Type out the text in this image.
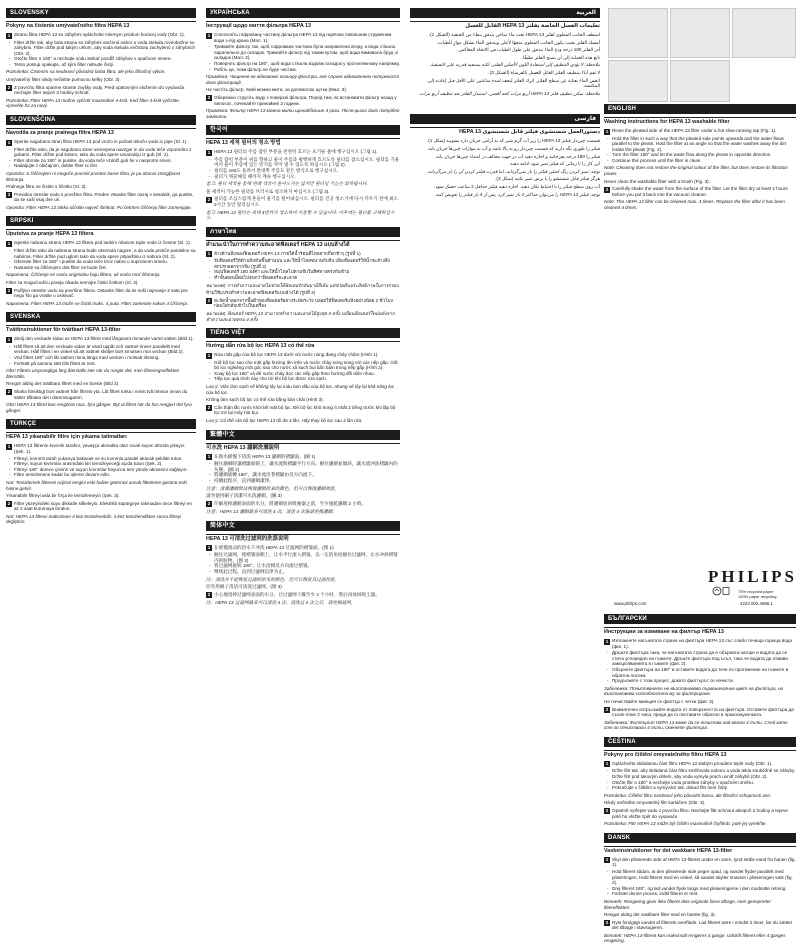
SLOVENSKY
Pokyny na čistenie umývateľného filtra HEPA 13
1 Stranu filtra HEPA 13 so záhybmi opláchnite miernym prúdom horúcej vody (Obr. 1).
- Filter držte tak, aby bola strana so záhybmi otočená nahor a voda stekala rovnobežne so záhybmi. Filter držte pod takým uhlom, aby voda stekala nečistotu zachytenú v záhyboch (Obr. 2).
- Otočte filter o 180° a nechajte vodu stekať pozdĺž záhybov v opačnom smere.
- Tento postup opakujte, až kým filter nebude čistý.
Poznámka: Čistením sa neobnoví pôvodná farba filtra, ale jeho filtračný výkon.
Umývateľný filter nikdy nečistite pomocou kefky (Obr. 3).
2 Z povrchu filtra opatrne straste zvyšky vody. Pred opätovným vložením do vysávača nechajte filter aspoň 2 hodiny schnúť.
Poznámka: Filter HEPA 13 možno vyčistiť maximálne 4-krát. Keď filter 4-krát vyčistite, vymeňte ho za nový.
SLOVENŠČINA
Navodila za pranje pralnega filtra HEPA 13
1 Sperite nagubano stran filtra HEPA 13 pod vročo in počasi tekočo vodo iz pipe (Sl. 1).
- Filter držite tako, da je nagubana stran usmerjena navzgor in da voda teče vzporedno z gubami. Filter držite pod kotom, tako da voda spere umazanijo iz gub (Sl. 2).
- Filter obrnite za 180° in pustite, da voda teče vzdolž gub še v nasprotni smeri.
- Nadaljujte z običajnim, dokler filter ni čist.
Opomba: S čiščenjem ni mogoče povrniti prvotne barve filtra, je pa obnovi zmogljivost filtriranja.
Pralnega filtra ne čistite s ščetko (Sl. 3).
2 Previdno otresite vodo s površine filtra. Preden vstavite filter nazaj v sesalnik, ga pustite, da se suši vsaj dve uri.
Opomba: Filter HEPA 13 lahko očistite največ štirikrat. Po četrtem čiščenju filter zamenjajte.
SRPSKI
Uputstva za pranje HEPA 13 filtera
1 Isperite nabranu stranu HEPA 13 filtera pod tankim mlazom tople vode iz česme (Sl. 1).
- Filter držite tako da nabrana strana bude okrenuta nagore, a da voda protiče paralelno sa nabrima. Filter držite pod uglom tako da voda spere prljavštinu iz nabora (Sl. 2).
- Okrenite filter za 180° i pustite da voda teče kroz nabre u suprotnom smeru.
- Nastavite sa čišćenjem dok filter ne bude čist.
Napomena: Čišćenje ne vraća originalnu boju filtera, ali vraća moć filtriranja.
Filter za mogućnošću pranja nikada nemojte čistiti četkom (Sl. 3).
2 Pažljivo otresite vodu sa površine filtera. Ostavite filter da se suši najmanje 2 sata pre nego što ga vratite u usisivač.
Napomena: Filter HEPA 13 može se čistiti maks. 4 puta. Filter zamenite nakon 4 čišćenja.
SVENSKA
Tvättinstruktioner för tvättbart HEPA 13-filter
1 Skölj den veckade sidan av HEPA 13-filtret med långsamt rinnande varmt vatten (Bild 1).
- Håll filtret så att den veckade sidan är vänd uppåt och vattnet rinner parallellt med veckan. Håll filtret i en vinkel så att vattnet sköljer bort smutsen mot veckan (Bild 2).
- Vrid filtret 180° och låt vattnet rinna längs med vecken i motsatt riktning.
- Fortsätt på samma sätt tills filtret är rent.
Obs! Filtrets ursprungliga färg återställs inte när du rengör det, men filtreringseffekten återställs.
Rengör aldrig det tvättbara filtret med en borste (Bild 3).
2 Skaka försiktigt bort vattnet från filtrets yta. Låt filtret torka i minst två timmar innan du sätter tillbaka det i dammsugaren.
Obs! HEPA 13-filtret kan rengöras max. fyra gånger. Byt ut filtret när du har rengjort det fyra gånger.
TÜRKÇE
HEPA 13 yıkanabilir filtre için yıkama talimatları
1 HEPA 13 filtrenin kıvrımlı tarafını, yavaşça akmakta olan sıcak suyun altında yıkayın (Şek. 1).
- Filtreyi, kıvrımlı tarafı yukarıya bakacak ve su kıvrımla paralel akacak şekilde tutun. Filtreyi, suyun kıvrımlar arasındaki kiri temizleyeceği açıda tutun (Şek. 2).
- Filtreyi 180° derece çevirin ve suyun kıvrımlar boyunca ters yönde akmasını sağlayın.
- Filtre temizlenene kadar bu işleme devam edin.
Not: Temizlemek filtrenin orijinal rengini eski haline getirmez ancak filtreleme gücünü eski haline getirir.
Yıkanabilir filtreyi asla bir fırça ile temizlemeyin (Şek. 3).
2 Filtre yüzeyindeki suyu dikkatle silkeleyin. Elektrikli süpürgeye takmadan önce filtreyi en az 2 saat kurumaya bırakın.
Not: HEPA 13 filtresi maksimum 4 kez temizlenebilir. 4 kez temizlendikten sonra filtreyi değiştirin.
УКРАЇНСЬКА
Інструкції щодо миття фільтра HEPA 13
1 Сполосніть гофровану частину фільтра HEPA 13 під гарячою повільним струменем води з-під крана (Мал. 1).
- Тримайте фільтр так, щоб гофрована частина була направлена вгору, а вода стікала паралельно до складок. Тримайте фільтр під таким кутом, щоб вода вимивала бруд зі складок (Мал. 2).
- Поверніть фільтр на 180°, щоб вода стікала вздовж складок у протилежному напрямку.
- Робіть це, поки фільтр не буде чистим.
Примітка: Чищення не відновлює кольору фільтра, але сприяє відновленню потужності його фільтрації.
Не чистіть фільтр, який можна мити, за допомогою щітки (Мал. 3).
2 Обережно струсіть воду з поверхні фільтра. Перед тим, як встановити фільтр назад у пилосос, почекайте принаймні 2 години.
Примітка: Фільтр HEPA 13 можна мити щонайбільше 4 рази. Після цього його потрібно замінити.
한국어
HEPA 13 세척 필터의 청소 방법
1 HEPA 13 필터의 주름 잡힌 부분을 천천히 흐르는 뜨거운 물에 헹구십시오 (그림 1).
- 주름 잡힌 부분이 위를 향하고 물이 주름과 평행하게 흐르도록 필터를 잡으십시오. 필터를 기울여서 물이 주름에 있는 먼지를 씻어 낼 수 있도록 하십시오 (그림 2).
- 필터를 180도 돌려서 반대쪽 주름도 같은 방식으로 헹구십시오.
- 필터가 깨끗해질 때까지 계속 헹구십시오.
참고: 필터 세척을 통해 원래 색상이 돌아오지는 않지만 필터링 기능은 회복됩니다.
물 세척이 가능한 필터를 브러시로 청소하지 마십시오 (그림 3).
2 필터를 조심스럽게 흔들어 물기를 털어내십시오. 필터를 진공 청소기에 다시 끼우기 전에 최소 2시간 동안 말리십시오.
참고: HEPA 13 필터는 최대 4번까지 청소하여 사용할 수 있습니다. 이후에는 필터를 교체하십시오.
ภาษาไทย
คำแนะนำในการทำความสะอาดฟิลเตอร์ HEPA 13 แบบล้างได้
1 ล้างด้านจีบของฟิลเตอร์ HEPA 13 ภายใต้น้ำร้อนที่ไหลจากก๊อกช้าๆ (รูปที่ 1)
- จับฟิลเตอร์ให้ด้านจีบหันขึ้นด้านบน และให้น้ำไหลขนานกับจีบ เอียงฟิลเตอร์ให้น้ำชะล้างสิ่งสกปรกออกจากจีบ (รูปที่ 2)
- หมุนฟิลเตอร์ 180 องศา และให้น้ำไหลไปตามจีบในทิศทางตรงกันข้าม
- ทำขั้นตอนนี้ต่อไปจนกว่าฟิลเตอร์จะสะอาด
หมายเหตุ: การทำความสะอาดไม่ช่วยให้ฟิลเตอร์กลับมามีสีเดิม แต่ช่วยคืนประสิทธิภาพในการกรอง
ห้ามใช้แปรงทำความสะอาดฟิลเตอร์แบบล้างได้ (รูปที่ 3)
2 สะบัดน้ำออกจากพื้นผิวของฟิลเตอร์อย่างระมัดระวัง ปล่อยให้ฟิลเตอร์แห้งอย่างน้อย 2 ชั่วโมงก่อนใส่กลับเข้าไปในเครื่อง
หมายเหตุ: ฟิลเตอร์ HEPA 13 สามารถทำความสะอาดได้สูงสุด 4 ครั้ง เปลี่ยนฟิลเตอร์ใหม่หลังจากทำความสะอาดครบ 4 ครั้ง
TIẾNG VIỆT
Hướng dẫn rửa bộ lọc HEPA 13 có thể rửa
1 Rửa mặt gấp của bộ lọc HEPA 13 dưới vòi nước nóng đang chảy chậm (Hình 1).
- Giữ bộ lọc sao cho mặt gấp hướng lên trên và nước chảy song song với các nếp gấp. Giữ bộ lọc nghiêng một góc sao cho nước xả sạch bụi bẩn bám trong nếp gấp (Hình 2).
- Xoay bộ lọc 180° và để nước chảy dọc các nếp gấp theo hướng đối diện nhau.
- Tiếp tục quá trình này cho tới khi bộ lọc được rửa sạch.
Lưu ý: Việc làm sạch sẽ không lấy lại màu ban đầu của bộ lọc, nhưng sẽ lấy lại khả năng lọc của bộ lọc.
Không làm sạch bộ lọc có thể rửa bằng bàn chải (Hình 3).
2 Cẩn thận lắc nước khỏi bề mặt bộ lọc. Để bộ lọc khô trong ít nhất 2 tiếng trước khi lắp bộ lọc trở lại máy hút bụi.
Lưu ý: Có thể rửa bộ lọc HEPA 13 tối đa 4 lần. Hãy thay bộ lọc sau 4 lần rửa.
繁體中文
可水洗 HEPA 13 濾網洗滌說明
1 在熱水緩慢下清洗 HEPA 13 濾網的褶皺面。(圖 1)
- 握住濾網時讓褶皺面朝上，讓水流與褶皺平行方向。握住濾網並傾斜，讓水流沖洗褶皺內的灰塵。(圖 2)
- 將濾網旋轉 180°，讓水流沿著褶皺由反方向流下。
- 持續此程序，直到濾網潔淨。
注意：清潔濾網無法恢復濾網原來的顏色，但可以恢復濾網效能。
請勿使用刷子清潔可水洗濾網。(圖 3)
2 仔細甩掉濾網表面的水分。將濾網放回吸塵器之前，至少風乾濾網 2 小時。
注意：HEPA 13 濾網最多可清洗 4 次。清洗 4 次後請更換濾網。
简体中文
HEPA 13 可清洗过滤网的洗涤说明
1 在缓慢流动的热水下冲洗 HEPA 13 过滤网的褶皱面。(图 1)
- 握住过滤网，使褶皱面朝上，让水平行流入褶皱。以一定的角度握住过滤网，让水冲掉褶皱内的脏物。(图 2)
- 将过滤网旋转 180°，让水沿相反方向流过褶皱。
- 继续此过程，直到过滤网洁净为止。
注：清洗并不能恢复过滤网原来的颜色，但可以恢复其过滤性能。
切勿用刷子清洁可清洗过滤网。(图 3)
2 小心地甩掉过滤网表面的水分。让过滤网干燥至少 2 个小时，然后再放回吸尘器。
注：HEPA 13 过滤网最多可以清洗 4 次。清洗过 4 次之后，请更换滤网。
العربية
تعليمات الغسل الخاصة بفلتر HEPA 13 القابل للغسل
اشطف الجانب المطوي لفلتر HEPA 13 تحت ماء ساخن يتدفق ببطء من الحنفية (الشكل 1).
أمسك الفلتر بحيث يكون الجانب المطوي متجهًا لأعلى ويتدفق الماء بشكل موازٍ للطيات.
أدر الفلتر 180 درجة ودع الماء يتدفق على طول الطيات في الاتجاه المعاكس.
تابع هذه العملية إلى أن يصبح الفلتر نظيفًا.
ملاحظة: لا يؤدي التنظيف إلى استعادة اللون الأصلي للفلتر، لكنه يستعيد قدرته على التصفية.
لا تقم أبدًا بتنظيف الفلتر القابل للغسل بالفرشاة (الشكل 3).
انفض الماء بعناية عن سطح الفلتر. اترك الفلتر ليجف لمدة ساعتين على الأقل قبل إعادته إلى المكنسة.
ملاحظة: يمكن تنظيف فلتر HEPA 13 أربع مرات كحد أقصى. استبدل الفلتر بعد تنظيفه أربع مرات.
فارسی
دستورالعمل شستشوی فیلتر قابل شستشوی HEPA 13
قسمت چین‌دار فیلتر HEPA 13 را زیر آب گرم شیر که به آرامی جریان دارد بشویید (شکل 1).
فیلتر را طوری نگه دارید که قسمت چین‌دار رو به بالا باشد و آب به موازات چین‌ها جریان یابد.
فیلتر را 180 درجه بچرخانید و اجازه دهید آب در جهت مخالف در امتداد چین‌ها جریان یابد.
این کار را تا زمانی که فیلتر تمیز شود ادامه دهید.
توجه: تمیز کردن رنگ اصلی فیلتر را باز نمی‌گرداند، اما قدرت فیلتر کردن آن را باز می‌گرداند.
هرگز فیلتر قابل شستشو را با برس تمیز نکنید (شکل 3).
آب روی سطح فیلتر را با احتیاط تکان دهید. اجازه دهید فیلتر حداقل 2 ساعت خشک شود.
توجه: فیلتر HEPA 13 را می‌توان حداکثر 4 بار تمیز کرد. پس از 4 بار فیلتر را تعویض کنید.
ENGLISH
Washing instructions for HEPA 13 washable filter
1 Rinse the pleated side of the HEPA 13 filter under a hot slow-running tap (Fig. 1).
- Hold the filter in such a way that the pleated side points upwards and the water flows parallel to the pleats. Hold the filter at an angle so that the water washes away the dirt inside the pleats (Fig. 2).
- Turn the filter 180° and let the water flow along the pleats in opposite direction.
- Continue this process until the filter is clean.
Note: Cleaning does not restore the original colour of the filter, but does restore its filtration power.
Never clean the washable filter with a brush (Fig. 3).
2 Carefully shake the water from the surface of the filter. Let the filter dry at least 2 hours before you put it back into the vacuum cleaner.
Note: The HEPA 13 filter can be cleaned max. 4 times. Replace the filter after it has been cleaned 4 times.
PHILIPS
75% recycled paper
100% paper recycling
www.philips.com	4222.002.4686.1
БЪЛГАРСКИ
Инструкции за измиване на филтър HEPA 13
1 Изплакнете нагънатата страна на филтъра HEPA 13 със слабо течаща гореща вода (фиг. 1).
- Дръжте филтъра така, че нагънатата страна да е обърната нагоре и водата да се стича успоредно на гънките. Дръжте филтъра под ъгъл, така че водата да отмива замърсяванията в гънките (фиг. 2).
- Обърнете филтъра на 180° и оставете водата да тече по протежение на гънките в обратна посока.
- Продължете с този процес, докато филтърът се изчисти.
Забележка: Почистването не възстановява първоначалния цвят на филтъра, но възстановява способността му за филтриране.
Не почиствайте миещия се филтър с четка (фиг. 3).
2 Внимателно изтръскайте водата от повърхността на филтъра. Оставете филтъра да съхне поне 2 часа, преди да го поставите обратно в прахосмукачката.
Забележка: Филтърът HEPA 13 може да се почиства най-много 4 пъти. След като сте го почиствали 4 пъти, сменете филтъра.
ČEŠTINA
Pokyny pro čištění omyvatelného filtru HEPA 13
1 Opláchněte skládanou část filtru HEPA 13 slabým proudem teplé vody (Obr. 1).
- Držte filtr tak, aby skládaná část filtru směřovala nahoru a voda tekla souběžně se záhyby. Držte filtr pod takovým úhlem, aby voda vymyla prach uvnitř záhybů (Obr. 2).
- Otočte filtr o 180° a nechejte vodu protékat záhyby v opačném směru.
- Pokračujte v čištění a vymývání tak, dokud filtr není čistý.
Poznámka: Čištění filtru neobnoví jeho původní barvu, ale filtrační schopnosti ano.
Nikdy nečistěte omyvatelný filtr kartáčem (Obr. 3).
2 Opatrně vytřepte vodu z povrchu filtru. Nechejte filtr schnout alespoň 2 hodiny a teprve poté ho vložte zpět do vysavače.
Poznámka: Filtr HEPA 13 může být čištěn maximálně čtyřikrát, poté jej vyměňte.
DANSK
Vaskeinstruktioner for det vaskbare HEPA 13-filter
1 Skyl den plisserede side af HEPA 13-filteret under en varm, tynd stråle vand fra hanen (fig. 1).
- Hold filteret sådan, at den plisserede side peger opad, og vandet flyder parallelt med plisseringen. Hold filteret med en vinkel, så vandet skyller snavset i plisseringen væk (fig. 2).
- Drej filteret 180°, og lad vandet flyde langs med plisseringerne i den modsatte retning.
- Fortsæt denne proces, indtil filteret er rent.
Bemærk: Rengøring giver ikke filteret dets originale farve tilbage, men genopretter filtereffekten.
Rengør aldrig det vaskbare filter med en børste (fig. 3).
2 Ryst forsigtigt vandet af filterets overflade. Lad filteret tørre i mindst 2 timer, før du sætter det tilbage i støvsugeren.
Bemærk: HEPA 13-filteret kan maksimalt rengøres 4 gange. Udskift filteret efter 4 ganges rengøring.
